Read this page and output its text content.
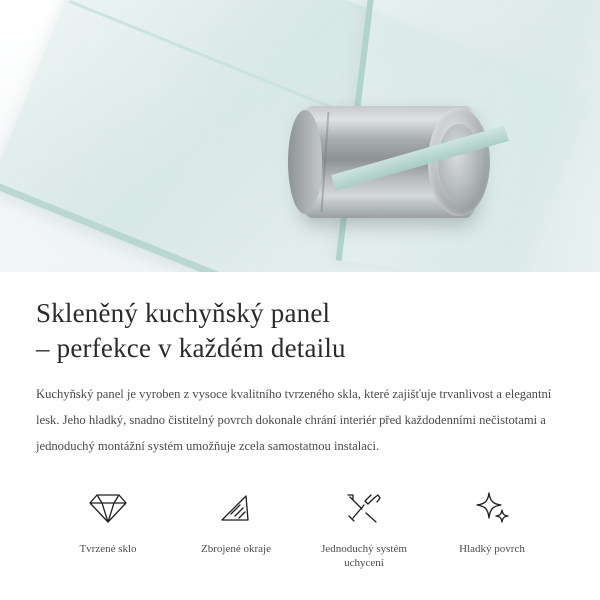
Skleněný kuchyňský panel
– perfekce v každém detailu

Kuchyňský panel je vyroben z vysoce kvalitního tvrzeného skla, které zajišťuje trvanlivost a elegantní lesk. Jeho hladký, snadno čistitelný povrch dokonale chrání interiér před každodenními nečistotami a jednoduchý montážní systém umožňuje zcela samostatnou instalaci.

Tvrzené sklo	Zbrojené okraje	Jednoduchý systém uchycení
Hladký povrch
